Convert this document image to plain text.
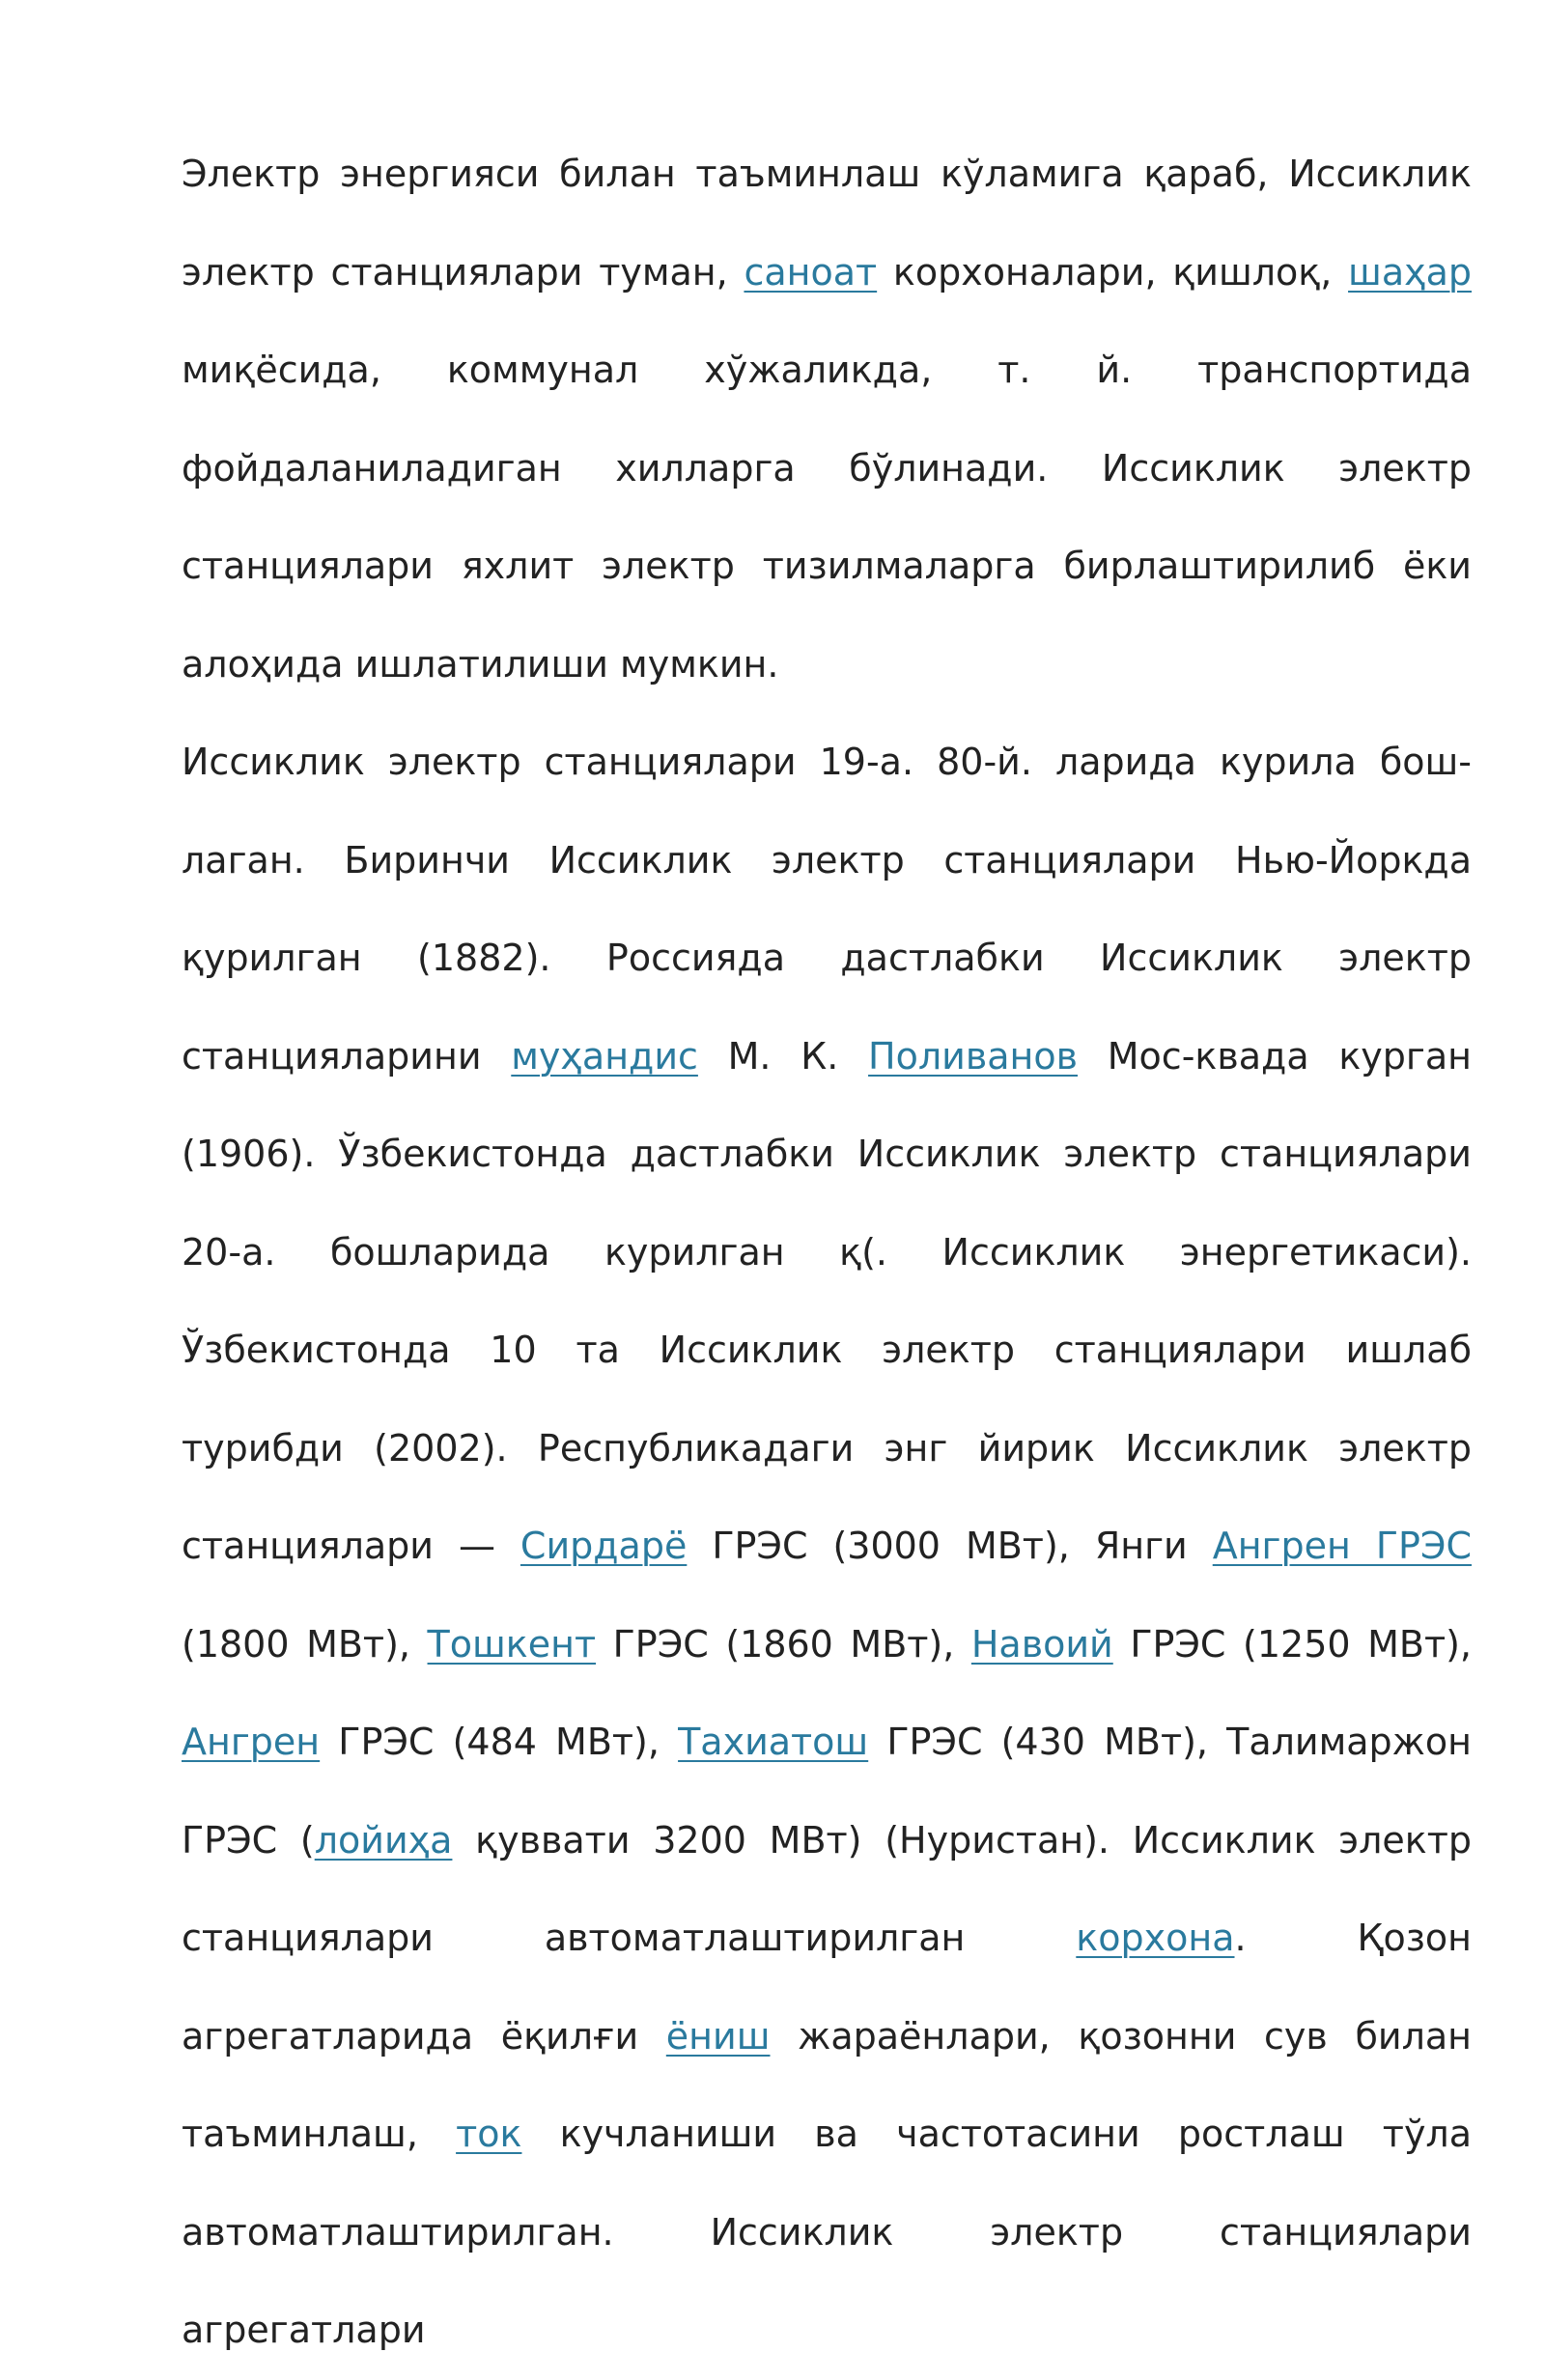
Электр энергияси билан таъминлаш кўламига қараб, Иссиклик электр станциялари туман, саноат корхоналари, қишлоқ, шаҳар миқёсида, коммунал хўжаликда, т. й. транспортида фойдаланиладиган хилларга бўлинади. Иссиклик электр станциялари яхлит электр тизилмаларга бирлаштирилиб ёки алоҳида ишлатилиши мумкин.

Иссиклик электр станциялари 19-а. 80-й. ларида курила бош-лаган. Биринчи Иссиклик электр станциялари Нью-Йоркда қурилган (1882). Россияда дастлабки Иссиклик электр станцияларини муҳандис М. К. Поливанов Мос-квада курган (1906). Ўзбекистонда дастлабки Иссиклик электр станциялари 20-а. бошларида курилган қ(. Иссиклик энергетикаси). Ўзбекистонда 10 та Иссиклик электр станциялари ишлаб турибди (2002). Республикадаги энг йирик Иссиклик электр станциялари — Сирдарё ГРЭС (3000 МВт), Янги Ангрен ГРЭС (1800 МВт), Тошкент ГРЭС (1860 МВт), Навоий ГРЭС (1250 МВт), Ангрен ГРЭС (484 МВт), Тахиатош ГРЭС (430 МВт), Талимаржон ГРЭС (лойиҳа қуввати 3200 МВт) (Нуристан). Иссиклик электр станциялари автоматлаштирилган корхона. Қозон агрегатларида ёқилғи ёниш жараёнлари, қозонни сув билан таъминлаш, ток кучланиши ва частотасини ростлаш тўла автоматлаштирилган. Иссиклик электр станциялари агрегатлари
